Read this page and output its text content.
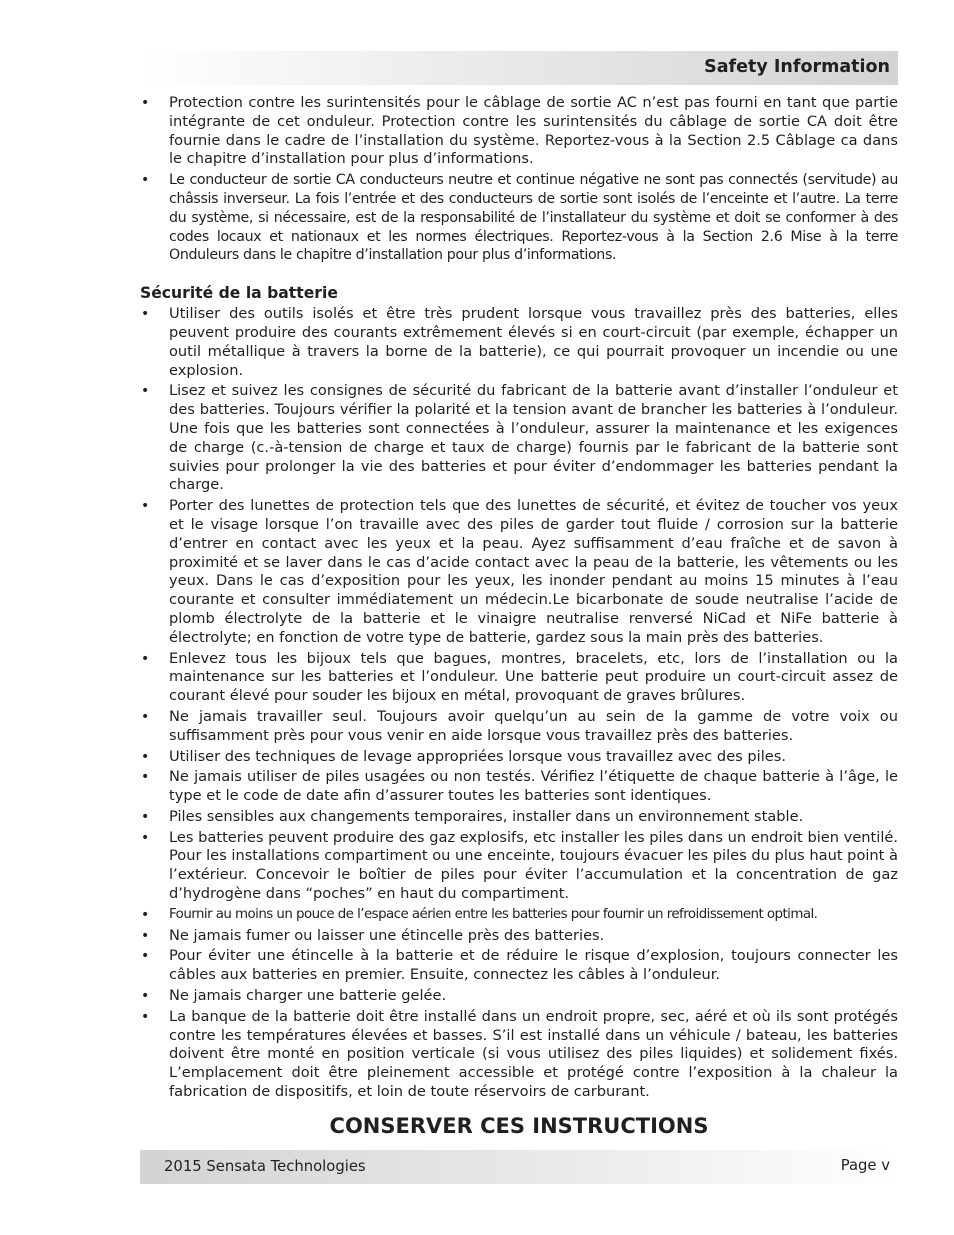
Safety Information
• Protection contre les surintensités pour le câblage de sortie AC n’est pas fourni en tant que partie intégrante de cet onduleur. Protection contre les surintensités du câblage de sortie CA doit être fournie dans le cadre de l’installation du système. Reportez-vous à la Section 2.5 Câblage ca dans le chapitre d’installation pour plus d’informations.
• Le conducteur de sortie CA conducteurs neutre et continue négative ne sont pas connectés (servitude) au châssis inverseur. La fois l’entrée et des conducteurs de sortie sont isolés de l’enceinte et l’autre. La terre du système, si nécessaire, est de la responsabilité de l’installateur du système et doit se conformer à des codes locaux et nationaux et les normes électriques. Reportez-vous à la Section 2.6 Mise à la terre Onduleurs dans le chapitre d’installation pour plus d’informations.
Sécurité de la batterie
• Utiliser des outils isolés et être très prudent lorsque vous travaillez près des batteries, elles peuvent produire des courants extrêmement élevés si en court-circuit (par exemple, échapper un outil métallique à travers la borne de la batterie), ce qui pourrait provoquer un incendie ou une explosion.
• Lisez et suivez les consignes de sécurité du fabricant de la batterie avant d’installer l’onduleur et des batteries. Toujours vérifier la polarité et la tension avant de brancher les batteries à l’onduleur. Une fois que les batteries sont connectées à l’onduleur, assurer la maintenance et les exigences de charge (c.-à-tension de charge et taux de charge) fournis par le fabricant de la batterie sont suivies pour prolonger la vie des batteries et pour éviter d’endommager les batteries pendant la charge.
• Porter des lunettes de protection tels que des lunettes de sécurité, et évitez de toucher vos yeux et le visage lorsque l’on travaille avec des piles de garder tout fluide / corrosion sur la batterie d’entrer en contact avec les yeux et la peau. Ayez suffisamment d’eau fraîche et de savon à proximité et se laver dans le cas d’acide contact avec la peau de la batterie, les vêtements ou les yeux. Dans le cas d’exposition pour les yeux, les inonder pendant au moins 15 minutes à l’eau courante et consulter immédiatement un médecin.Le bicarbonate de soude neutralise l’acide de plomb électrolyte de la batterie et le vinaigre neutralise renversé NiCad et NiFe batterie à électrolyte; en fonction de votre type de batterie, gardez sous la main près des batteries.
• Enlevez tous les bijoux tels que bagues, montres, bracelets, etc, lors de l’installation ou la maintenance sur les batteries et l’onduleur. Une batterie peut produire un court-circuit assez de courant élevé pour souder les bijoux en métal, provoquant de graves brûlures.
• Ne jamais travailler seul. Toujours avoir quelqu’un au sein de la gamme de votre voix ou suffisamment près pour vous venir en aide lorsque vous travaillez près des batteries.
• Utiliser des techniques de levage appropriées lorsque vous travaillez avec des piles.
• Ne jamais utiliser de piles usagées ou non testés. Vérifiez l’étiquette de chaque batterie à l’âge, le type et le code de date afin d’assurer toutes les batteries sont identiques.
• Piles sensibles aux changements temporaires, installer dans un environnement stable.
• Les batteries peuvent produire des gaz explosifs, etc installer les piles dans un endroit bien ventilé. Pour les installations compartiment ou une enceinte, toujours évacuer les piles du plus haut point à l’extérieur. Concevoir le boîtier de piles pour éviter l’accumulation et la concentration de gaz d’hydrogène dans “poches” en haut du compartiment.
• Fournir au moins un pouce de l’espace aérien entre les batteries pour fournir un refroidissement optimal.
• Ne jamais fumer ou laisser une étincelle près des batteries.
• Pour éviter une étincelle à la batterie et de réduire le risque d’explosion, toujours connecter les câbles aux batteries en premier. Ensuite, connectez les câbles à l’onduleur.
• Ne jamais charger une batterie gelée.
• La banque de la batterie doit être installé dans un endroit propre, sec, aéré et où ils sont protégés contre les températures élevées et basses. S’il est installé dans un véhicule / bateau, les batteries doivent être monté en position verticale (si vous utilisez des piles liquides) et solidement fixés. L’emplacement doit être pleinement accessible et protégé contre l’exposition à la chaleur la fabrication de dispositifs, et loin de toute réservoirs de carburant.
CONSERVER CES INSTRUCTIONS
2015 Sensata Technologies	Page v
